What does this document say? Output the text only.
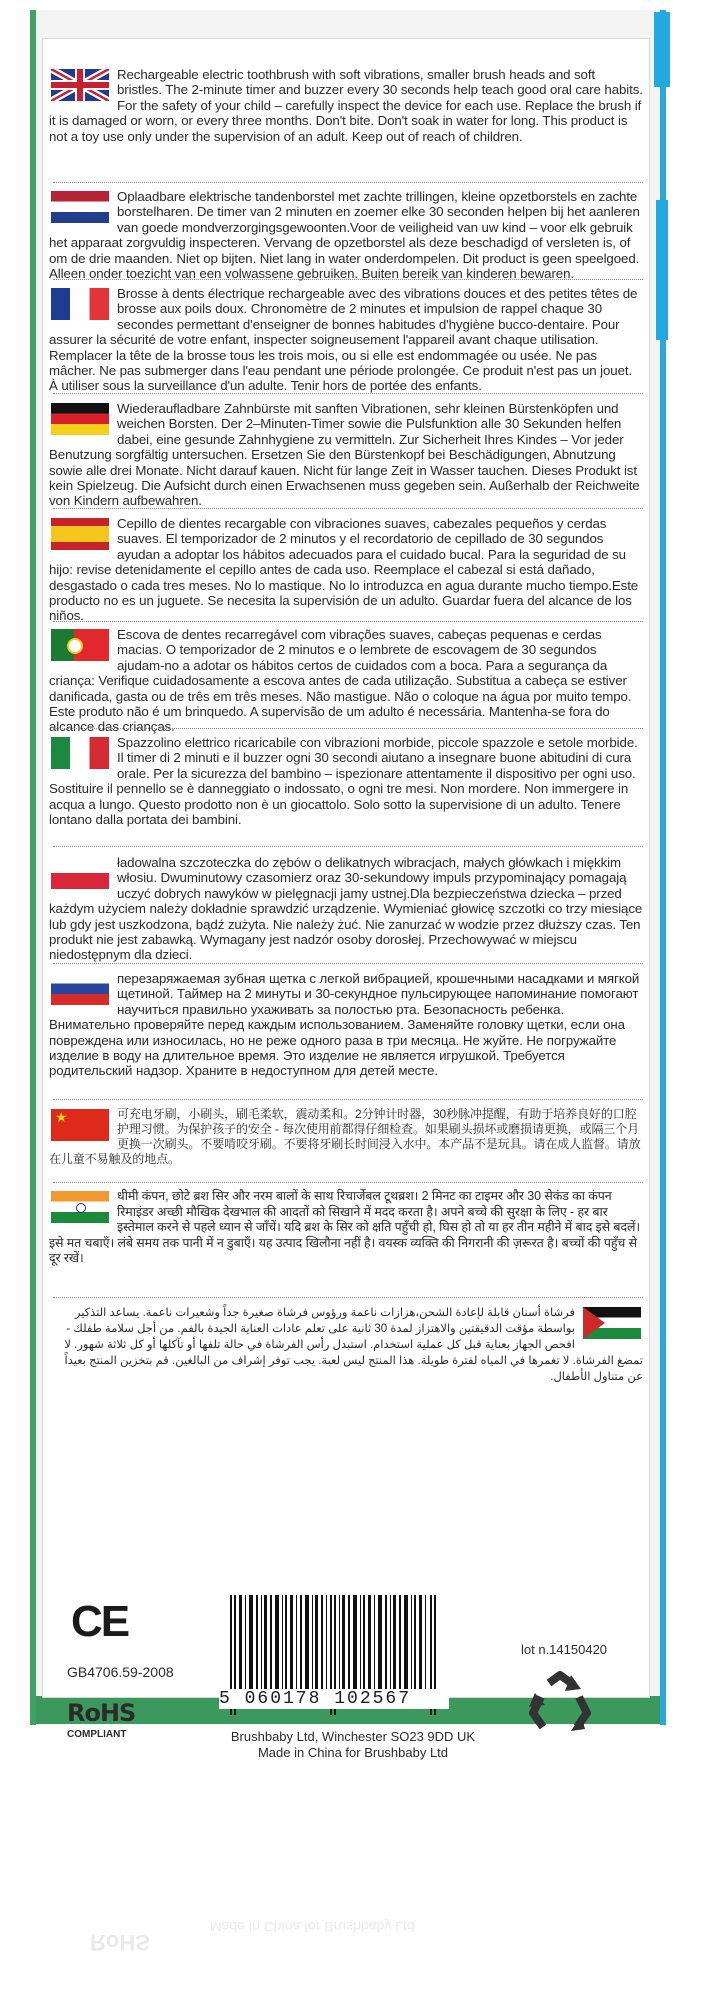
Rechargeable electric toothbrush with soft vibrations, smaller brush heads and soft bristles. The 2-minute timer and buzzer every 30 seconds help teach good oral care habits. For the safety of your child – carefully inspect the device for each use. Replace the brush if it is damaged or worn, or every three months. Don't bite. Don't soak in water for long. This product is not a toy use only under the supervision of an adult. Keep out of reach of children.

Oplaadbare elektrische tandenborstel met zachte trillingen, kleine opzetborstels en zachte borstelharen. De timer van 2 minuten en zoemer elke 30 seconden helpen bij het aanleren van goede mondverzorgingsgewoonten.Voor de veiligheid van uw kind – voor elk gebruik het apparaat zorgvuldig inspecteren. Vervang de opzetborstel als deze beschadigd of versleten is, of om de drie maanden. Niet op bijten. Niet lang in water onderdompelen. Dit product is geen speelgoed. Alleen onder toezicht van een volwassene gebruiken. Buiten bereik van kinderen bewaren.

Brosse à dents électrique rechargeable avec des vibrations douces et des petites têtes de brosse aux poils doux. Chronomètre de 2 minutes et impulsion de rappel chaque 30 secondes permettant d'enseigner de bonnes habitudes d'hygiène bucco-dentaire. Pour assurer la sécurité de votre enfant, inspecter soigneusement l'appareil avant chaque utilisation. Remplacer la tête de la brosse tous les trois mois, ou si elle est endommagée ou usée. Ne pas mâcher. Ne pas submerger dans l'eau pendant une période prolongée. Ce produit n'est pas un jouet. À utiliser sous la surveillance d'un adulte. Tenir hors de portée des enfants.

Wiederaufladbare Zahnbürste mit sanften Vibrationen, sehr kleinen Bürstenköpfen und weichen Borsten. Der 2–Minuten-Timer sowie die Pulsfunktion alle 30 Sekunden helfen dabei, eine gesunde Zahnhygiene zu vermitteln. Zur Sicherheit Ihres Kindes – Vor jeder Benutzung sorgfältig untersuchen. Ersetzen Sie den Bürstenkopf bei Beschädigungen, Abnutzung sowie alle drei Monate. Nicht darauf kauen. Nicht für lange Zeit in Wasser tauchen. Dieses Produkt ist kein Spielzeug. Die Aufsicht durch einen Erwachsenen muss gegeben sein. Außerhalb der Reichweite von Kindern aufbewahren.

Cepillo de dientes recargable con vibraciones suaves, cabezales pequeños y cerdas suaves. El temporizador de 2 minutos y el recordatorio de cepillado de 30 segundos ayudan a adoptar los hábitos adecuados para el cuidado bucal. Para la seguridad de su hijo: revise detenidamente el cepillo antes de cada uso. Reemplace el cabezal si está dañado, desgastado o cada tres meses. No lo mastique. No lo introduzca en agua durante mucho tiempo.Este producto no es un juguete. Se necesita la supervisión de un adulto. Guardar fuera del alcance de los niños.

Escova de dentes recarregável com vibrações suaves, cabeças pequenas e cerdas macias. O temporizador de 2 minutos e o lembrete de escovagem de 30 segundos ajudam-no a adotar os hábitos certos de cuidados com a boca. Para a segurança da criança: Verifique cuidadosamente a escova antes de cada utilização. Substitua a cabeça se estiver danificada, gasta ou de três em três meses. Não mastigue. Não o coloque na água por muito tempo. Este produto não é um brinquedo. A supervisão de um adulto é necessária. Mantenha-se fora do alcance das crianças.

Spazzolino elettrico ricaricabile con vibrazioni morbide, piccole spazzole e setole morbide. Il timer di 2 minuti e il buzzer ogni 30 secondi aiutano a insegnare buone abitudini di cura orale. Per la sicurezza del bambino – ispezionare attentamente il dispositivo per ogni uso. Sostituire il pennello se è danneggiato o indossato, o ogni tre mesi. Non mordere. Non immergere in acqua a lungo. Questo prodotto non è un giocattolo. Solo sotto la supervisione di un adulto. Tenere lontano dalla portata dei bambini.

ładowalna szczoteczka do zębów o delikatnych wibracjach, małych główkach i miękkim włosiu. Dwuminutowy czasomierz oraz 30-sekundowy impuls przypominający pomagają uczyć dobrych nawyków w pielęgnacji jamy ustnej.Dla bezpieczeństwa dziecka – przed każdym użyciem należy dokładnie sprawdzić urządzenie. Wymieniać głowicę szczotki co trzy miesiące lub gdy jest uszkodzona, bądź zużyta. Nie należy żuć. Nie zanurzać w wodzie przez dłuższy czas. Ten produkt nie jest zabawką. Wymagany jest nadzór osoby dorosłej. Przechowywać w miejscu niedostępnym dla dzieci.

перезаряжаемая зубная щетка с легкой вибрацией, крошечными насадками и мягкой щетиной. Таймер на 2 минуты и 30-секундное пульсирующее напоминание помогают научиться правильно ухаживать за полостью рта. Безопасность ребенка. Внимательно проверяйте перед каждым использованием. Заменяйте головку щетки, если она повреждена или износилась, но не реже одного раза в три месяца. Не жуйте. Не погружайте изделие в воду на длительное время. Это изделие не является игрушкой. Требуется родительский надзор. Храните в недоступном для детей месте.

★

可充电牙刷，小刷头，刷毛柔软，震动柔和。2分钟计时器，30秒脉冲提醒，有助于培养良好的口腔护理习惯。为保护孩子的安全 - 每次使用前都得仔细检查。如果刷头损坏或磨损请更换，或隔三个月更换一次刷头。不要啃咬牙刷。不要将牙刷长时间浸入水中。本产品不是玩具。请在成人监督。请放在儿童不易触及的地点。

धीमी कंपन, छोटे ब्रश सिर और नरम बालों के साथ रिचार्जेबल टूथब्रश। 2 मिनट का टाइमर और 30 सेकंड का कंपन रिमाइंडर अच्छी मौखिक देखभाल की आदतों को सिखाने में मदद करता है। अपने बच्चे की सुरक्षा के लिए - हर बार इस्तेमाल करने से पहले ध्यान से जाँचें। यदि ब्रश के सिर को क्षति पहुँची हो, घिस हो तो या हर तीन महीने में बाद इसे बदलें। इसे मत चबाएँ। लंबे समय तक पानी में न डुबाएँ। यह उत्पाद खिलौना नहीं है। वयस्क व्यक्ति की निगरानी की ज़रूरत है। बच्चों की पहुँच से दूर रखें।

فرشاة أسنان قابلة لإعادة الشحن،هزازات ناعمة ورؤوس فرشاة صغيرة جداً وشعيرات ناعمة. يساعد التذكير بواسطة مؤقت الدقيقتين والاهتزاز لمدة 30 ثانية على تعلم عادات العناية الجيدة بالفم. من أجل سلامة طفلك - افحص الجهاز بعناية قبل كل عملية استخدام. استبدل رأس الفرشاة في حالة تلفها أو تآكلها أو كل ثلاثة شهور. لا تمضغ الفرشاة. لا تغمرها في المياه لفترة طويلة. هذا المنتج ليس لعبة. يجب توفر إشراف من البالغين. قم بتخزين المنتج بعيداً عن متناول الأطفال.

CE
GB4706.59-2008
RoHS
COMPLIANT
5 060178 102567
lot n.14150420
Brushbaby Ltd, Winchester SO23 9DD UK
Made in China for Brushbaby Ltd
RoHS
Made in China for Brushbaby Ltd
